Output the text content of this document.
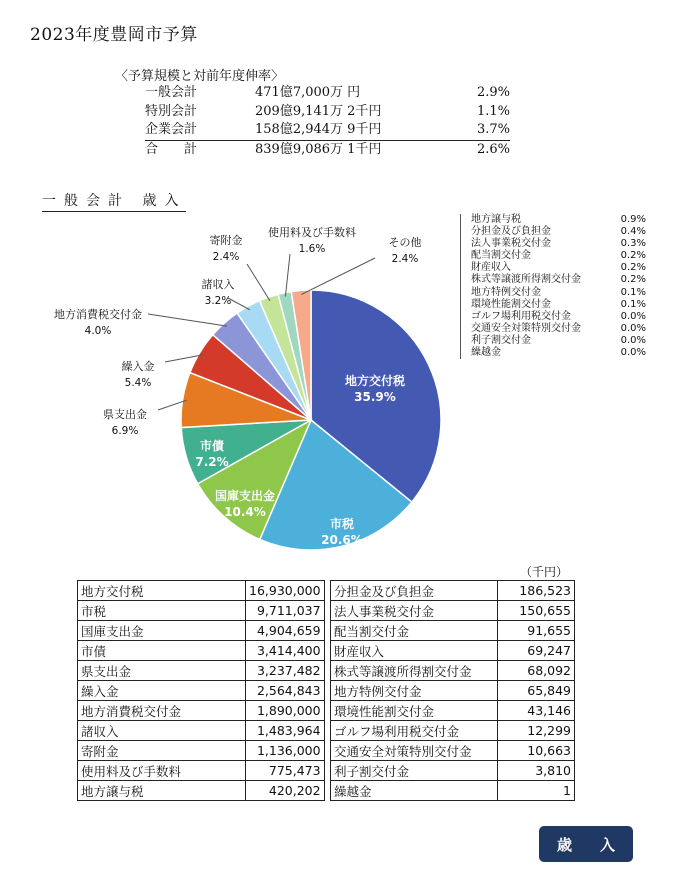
2023年度豊岡市予算
〈予算規模と対前年度伸率〉
一般会計	471億7,000万 円	2.9%
特別会計	209億9,141万 2千円	1.1%
企業会計	158億2,944万 9千円	3.7%
合　　計	839億9,086万 1千円	2.6%
一般会計 歳入
地方交付税
35.9%
市税
20.6%
国庫支出金
10.4%
市債
7.2%
県支出金
6.9%
繰入金
5.4%
地方消費税交付金
4.0%
諸収入
3.2%
寄附金
2.4%
使用料及び手数料
1.6%	その他
2.4%
地方譲与税	0.9%
分担金及び負担金	0.4%
法人事業税交付金	0.3%
配当割交付金	0.2%
財産収入	0.2%
株式等譲渡所得割交付金	0.2%
地方特例交付金	0.1%
環境性能割交付金	0.1%
ゴルフ場利用税交付金	0.0%
交通安全対策特別交付金	0.0%
利子割交付金	0.0%
繰越金	0.0%
（千円）
地方交付税	16,930,000
市税	9,711,037
国庫支出金	4,904,659
市債	3,414,400
県支出金	3,237,482
繰入金	2,564,843
地方消費税交付金	1,890,000
諸収入	1,483,964
寄附金	1,136,000
使用料及び手数料	775,473
地方譲与税	420,202
分担金及び負担金	186,523
法人事業税交付金	150,655
配当割交付金	91,655
財産収入	69,247
株式等譲渡所得割交付金	68,092
地方特例交付金	65,849
環境性能割交付金	43,146
ゴルフ場利用税交付金	12,299
交通安全対策特別交付金	10,663
利子割交付金	3,810
繰越金	1
歳 入
